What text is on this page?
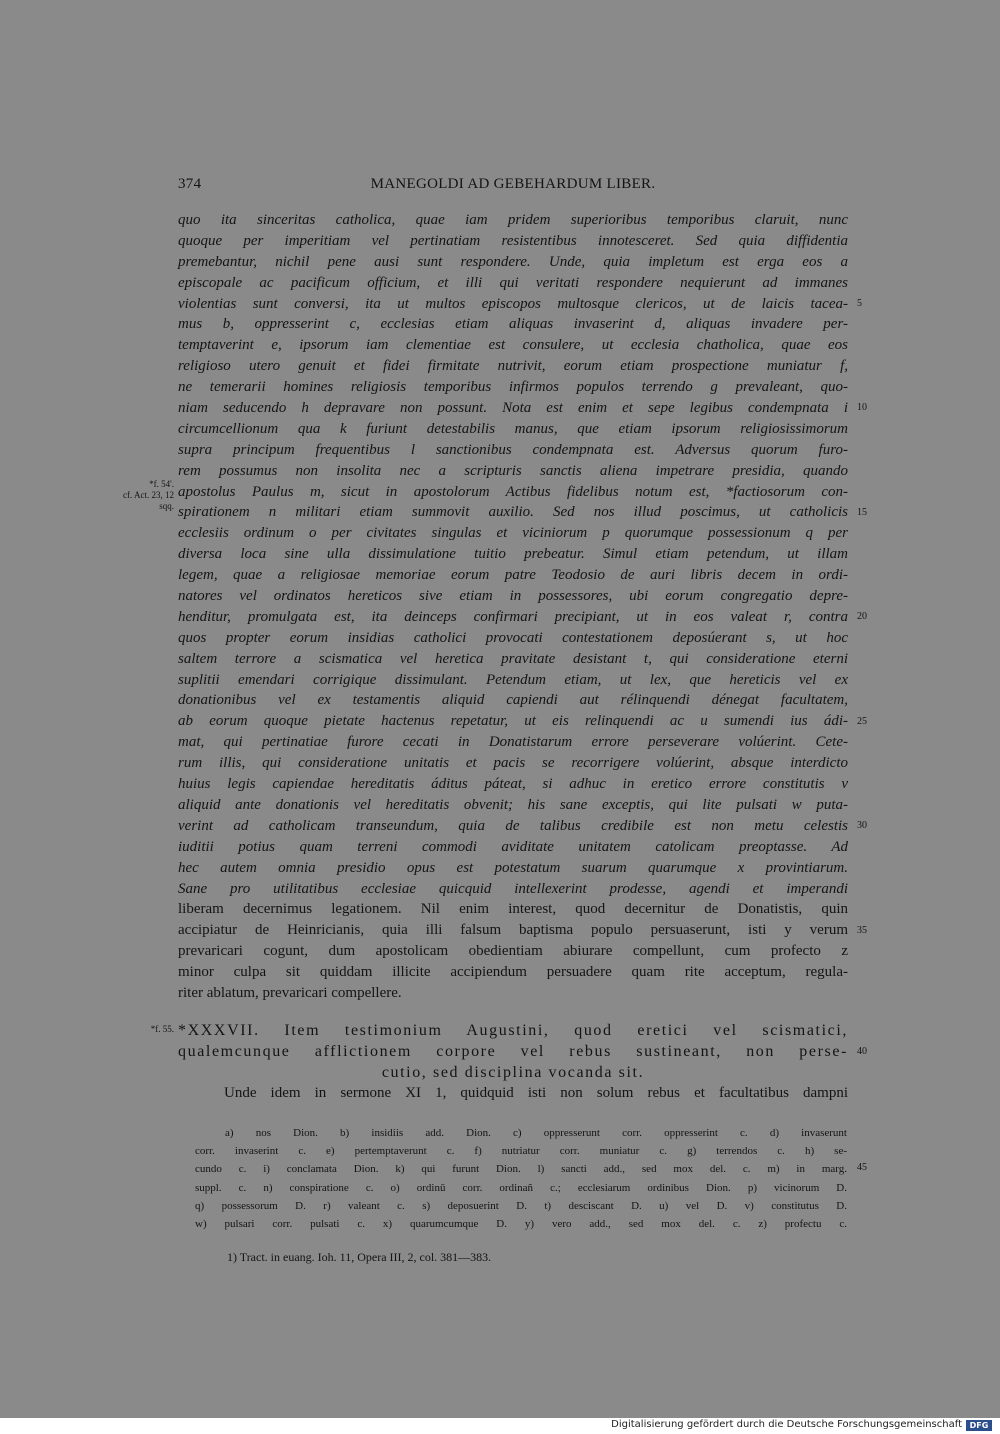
374	MANEGOLDI AD GEBEHARDUM LIBER.
quo ita sinceritas catholica, quae iam pridem superioribus temporibus claruit, nunc
quoque per imperitiam vel pertinatiam resistentibus innotesceret. Sed quia diffidentia
premebantur, nichil pene ausi sunt respondere. Unde, quia impletum est erga eos a
episcopale ac pacificum officium, et illi qui veritati respondere nequierunt ad immanes
violentias sunt conversi, ita ut multos episcopos multosque clericos, ut de laicis tacea-
mus b, oppresserint c, ecclesias etiam aliquas invaserint d, aliquas invadere per-
temptaverint e, ipsorum iam clementiae est consulere, ut ecclesia chatholica, quae eos
religioso utero genuit et fidei firmitate nutrivit, eorum etiam prospectione muniatur f,
ne temerarii homines religiosis temporibus infirmos populos terrendo g prevaleant, quo-
niam seducendo h depravare non possunt. Nota est enim et sepe legibus condempnata i
circumcellionum qua k furiunt detestabilis manus, que etiam ipsorum religiosissimorum
supra principum frequentibus l sanctionibus condempnata est. Adversus quorum furo-
rem possumus non insolita nec a scripturis sanctis aliena impetrare presidia, quando
apostolus Paulus m, sicut in apostolorum Actibus fidelibus notum est, *factiosorum con-
spirationem n militari etiam summovit auxilio. Sed nos illud poscimus, ut catholicis
ecclesiis ordinum o per civitates singulas et viciniorum p quorumque possessionum q per
diversa loca sine ulla dissimulatione tuitio prebeatur. Simul etiam petendum, ut illam
legem, quae a religiosae memoriae eorum patre Teodosio de auri libris decem in ordi-
natores vel ordinatos hereticos sive etiam in possessores, ubi eorum congregatio depre-
henditur, promulgata est, ita deinceps confirmari precipiant, ut in eos valeat r, contra
quos propter eorum insidias catholici provocati contestationem deposúerant s, ut hoc
saltem terrore a scismatica vel heretica pravitate desistant t, qui consideratione eterni
suplitii emendari corrigique dissimulant. Petendum etiam, ut lex, que hereticis vel ex
donationibus vel ex testamentis aliquid capiendi aut rélinquendi dénegat facultatem,
ab eorum quoque pietate hactenus repetatur, ut eis relinquendi ac u sumendi ius ádi-
mat, qui pertinatiae furore cecati in Donatistarum errore perseverare volúerint. Cete-
rum illis, qui consideratione unitatis et pacis se recorrigere volúerint, absque interdicto
huius legis capiendae hereditatis áditus páteat, si adhuc in eretico errore constitutis v
aliquid ante donationis vel hereditatis obvenit; his sane exceptis, qui lite pulsati w puta-
verint ad catholicam transeundum, quia de talibus credibile est non metu celestis
iuditii potius quam terreni commodi aviditate unitatem catolicam preoptasse. Ad
hec autem omnia presidio opus est potestatum suarum quarumque x provintiarum.
Sane pro utilitatibus ecclesiae quicquid intellexerint prodesse, agendi et imperandi
liberam decernimus legationem. Nil enim interest, quod decernitur de Donatistis, quin
accipiatur de Heinricianis, quia illi falsum baptisma populo persuaserunt, isti y verum
prevaricari cogunt, dum apostolicam obedientiam abiurare compellunt, cum profecto z
minor culpa sit quiddam illicite accipiendum persuadere quam rite acceptum, regula-
riter ablatum, prevaricari compellere.
5
10
15
20
25
30
35
40
45
*f. 54'.
cf. Act. 23, 12 sqq.
*f. 55. *XXXVII. Item testimonium Augustini, quod eretici vel scismatici,
qualemcunque afflictionem corpore vel rebus sustineant, non perse-
cutio, sed disciplina vocanda sit.
Unde idem in sermone XI 1, quidquid isti non solum rebus et facultatibus dampni
a) nos Dion. b) insidiis add. Dion. c) oppresserunt corr. oppresserint c. d) invaserunt
corr. invaserint c. e) pertemptaverunt c. f) nutriatur corr. muniatur c. g) terrendos c. h) se-
cundo c. i) conclamata Dion. k) qui furunt Dion. l) sancti add., sed mox del. c. m) in marg.
suppl. c. n) conspiratione c. o) ordinū corr. ordinañ c.; ecclesiarum ordinibus Dion. p) vicinorum D.
q) possessorum D. r) valeant c. s) deposuerint D. t) desciscant D. u) vel D. v) constitutus D.
w) pulsari corr. pulsati c. x) quarumcumque D. y) vero add., sed mox del. c. z) profectu c.
1) Tract. in euang. Ioh. 11, Opera III, 2, col. 381—383.
Digitalisierung gefördert durch die Deutsche Forschungsgemeinschaft DFG
